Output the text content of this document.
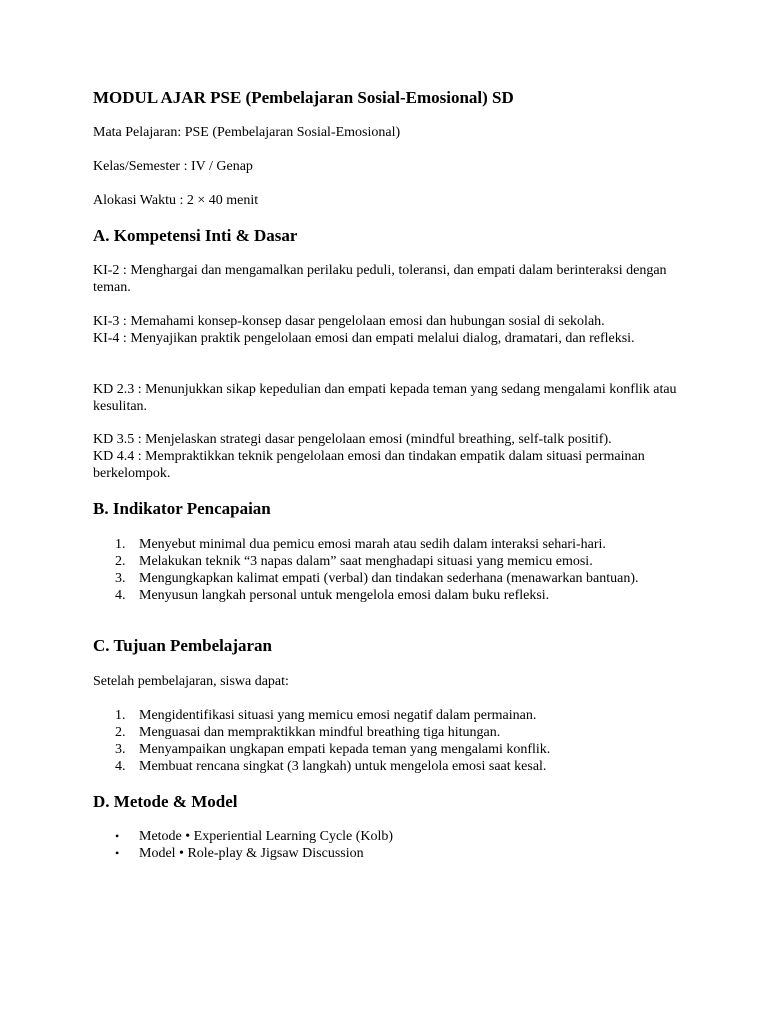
MODUL AJAR PSE (Pembelajaran Sosial-Emosional) SD

Mata Pelajaran: PSE (Pembelajaran Sosial-Emosional)

Kelas/Semester : IV / Genap

Alokasi Waktu : 2 × 40 menit

A. Kompetensi Inti & Dasar

KI-2 : Menghargai dan mengamalkan perilaku peduli, toleransi, dan empati dalam berinteraksi dengan teman.

KI-3 : Memahami konsep-konsep dasar pengelolaan emosi dan hubungan sosial di sekolah.

KI-4 : Menyajikan praktik pengelolaan emosi dan empati melalui dialog, dramatari, dan refleksi.

KD 2.3 : Menunjukkan sikap kepedulian dan empati kepada teman yang sedang mengalami konflik atau kesulitan.

KD 3.5 : Menjelaskan strategi dasar pengelolaan emosi (mindful breathing, self-talk positif).

KD 4.4 : Mempraktikkan teknik pengelolaan emosi dan tindakan empatik dalam situasi permainan berkelompok.

B. Indikator Pencapaian
1. Menyebut minimal dua pemicu emosi marah atau sedih dalam interaksi sehari-hari.
2. Melakukan teknik “3 napas dalam” saat menghadapi situasi yang memicu emosi.
3. Mengungkapkan kalimat empati (verbal) dan tindakan sederhana (menawarkan bantuan).
4. Menyusun langkah personal untuk mengelola emosi dalam buku refleksi.
C. Tujuan Pembelajaran

Setelah pembelajaran, siswa dapat:

1. Mengidentifikasi situasi yang memicu emosi negatif dalam permainan.
2. Menguasai dan mempraktikkan mindful breathing tiga hitungan.
3. Menyampaikan ungkapan empati kepada teman yang mengalami konflik.
4. Membuat rencana singkat (3 langkah) untuk mengelola emosi saat kesal.
D. Metode & Model
• Metode • Experiential Learning Cycle (Kolb)
• Model • Role-play & Jigsaw Discussion
